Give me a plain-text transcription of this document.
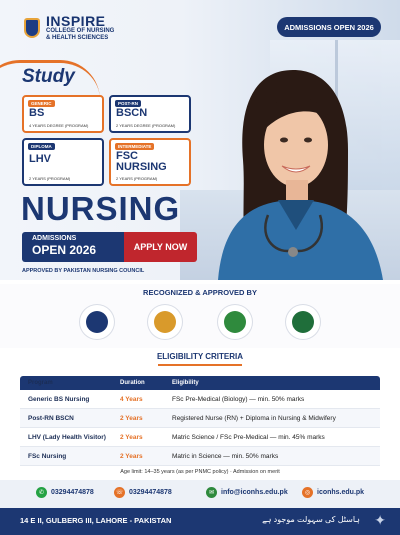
INSPIRE
COLLEGE OF NURSING
& HEALTH SCIENCES
ADMISSIONS OPEN 2026
Study
GENERIC
BS
4 YEARS DEGREE (PROGRAM)
POST-RN
BSCN
2 YEARS DEGREE (PROGRAM)
DIPLOMA
LHV
2 YEARS (PROGRAM)
INTERMEDIATE
FSC
NURSING
2 YEARS (PROGRAM)
NURSING
ADMISSIONS
OPEN 2026	APPLY NOW
APPROVED BY PAKISTAN NURSING COUNCIL
RECOGNIZED & APPROVED BY
ELIGIBILITY CRITERIA
Program	Duration	Eligibility
Generic BS Nursing	4 Years	FSc Pre-Medical (Biology) — min. 50% marks
Post-RN BSCN	2 Years	Registered Nurse (RN) + Diploma in Nursing & Midwifery
LHV (Lady Health Visitor)	2 Years	Matric Science / FSc Pre-Medical — min. 45% marks
FSc Nursing	2 Years	Matric in Science — min. 50% marks
Age limit: 14–35 years (as per PNMC policy) · Admission on merit
✆ 03294474878	☏ 03294474878	✉ info@iconhs.edu.pk	◎ iconhs.edu.pk
14 E II, GULBERG III, LAHORE - PAKISTAN	ہاسٹل کی سہولت موجود ہے ✦
